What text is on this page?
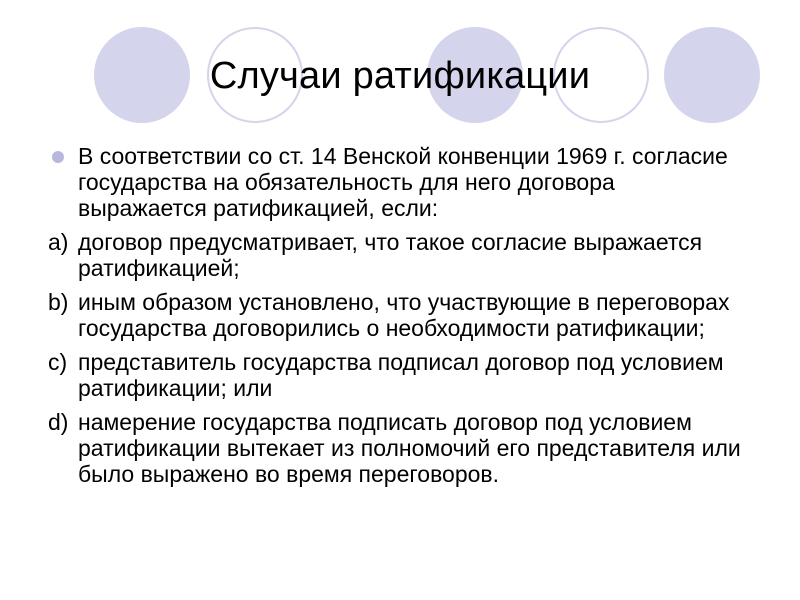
Случаи ратификации

В соответствии со ст. 14 Венской конвенции 1969 г. согласие государства на обязательность для него договора выражается ратификацией, если:

a) договор предусматривает, что такое согласие выражается ратификацией;

b) иным образом установлено, что участвующие в переговорах государства договорились о необходимости ратификации;

c) представитель государства подписал договор под условием ратификации; или

d) намерение государства подписать договор под условием ратификации вытекает из полномочий его представителя или было выражено во время переговоров.
